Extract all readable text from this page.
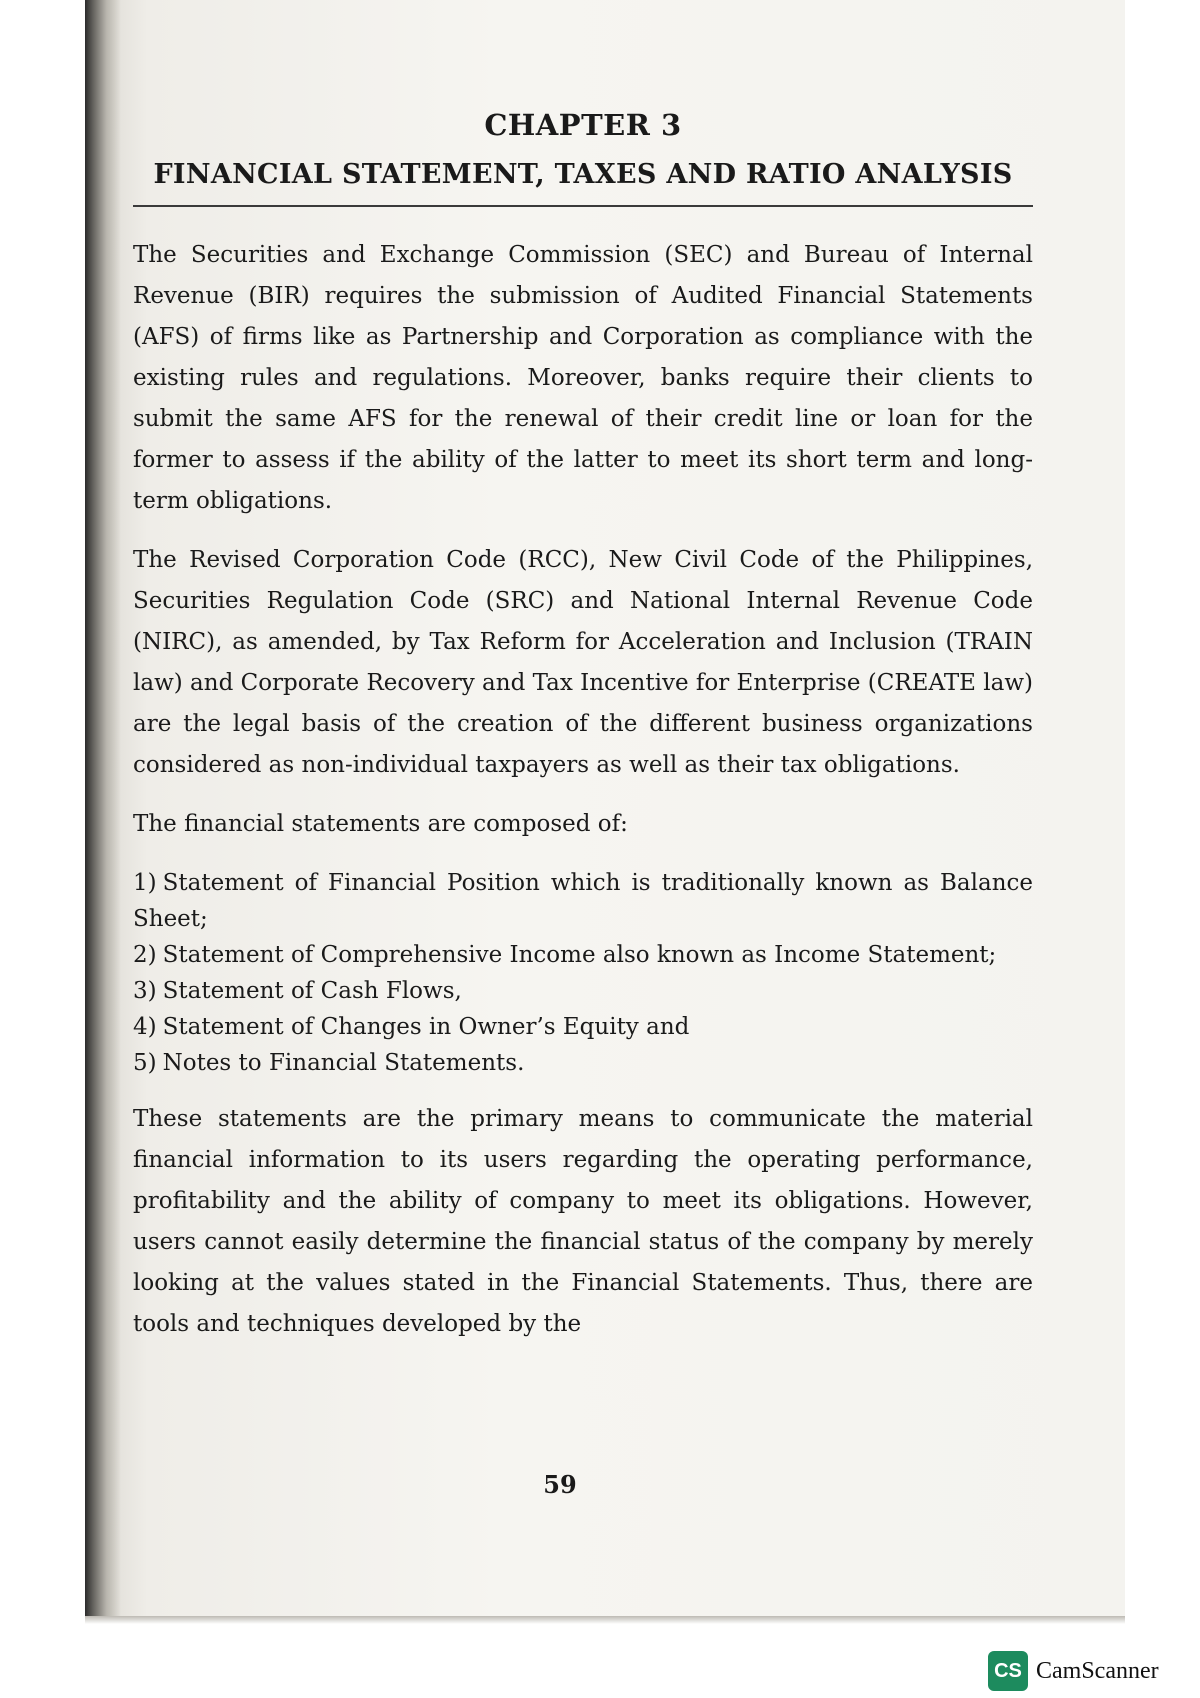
CHAPTER 3
FINANCIAL STATEMENT, TAXES AND RATIO ANALYSIS

The Securities and Exchange Commission (SEC) and Bureau of Internal Revenue (BIR) requires the submission of Audited Financial Statements (AFS) of firms like as Partnership and Corporation as compliance with the existing rules and regulations. Moreover, banks require their clients to submit the same AFS for the renewal of their credit line or loan for the former to assess if the ability of the latter to meet its short term and long-term obligations.

The Revised Corporation Code (RCC), New Civil Code of the Philippines, Securities Regulation Code (SRC) and National Internal Revenue Code (NIRC), as amended, by Tax Reform for Acceleration and Inclusion (TRAIN law) and Corporate Recovery and Tax Incentive for Enterprise (CREATE law) are the legal basis of the creation of the different business organizations considered as non-individual taxpayers as well as their tax obligations.

The financial statements are composed of:

1) Statement of Financial Position which is traditionally known as Balance Sheet;
2) Statement of Comprehensive Income also known as Income Statement;
3) Statement of Cash Flows,
4) Statement of Changes in Owner’s Equity and
5) Notes to Financial Statements.

These statements are the primary means to communicate the material financial information to its users regarding the operating performance, profitability and the ability of company to meet its obligations. However, users cannot easily determine the financial status of the company by merely looking at the values stated in the Financial Statements. Thus, there are tools and techniques developed by the

59
CS CamScanner
